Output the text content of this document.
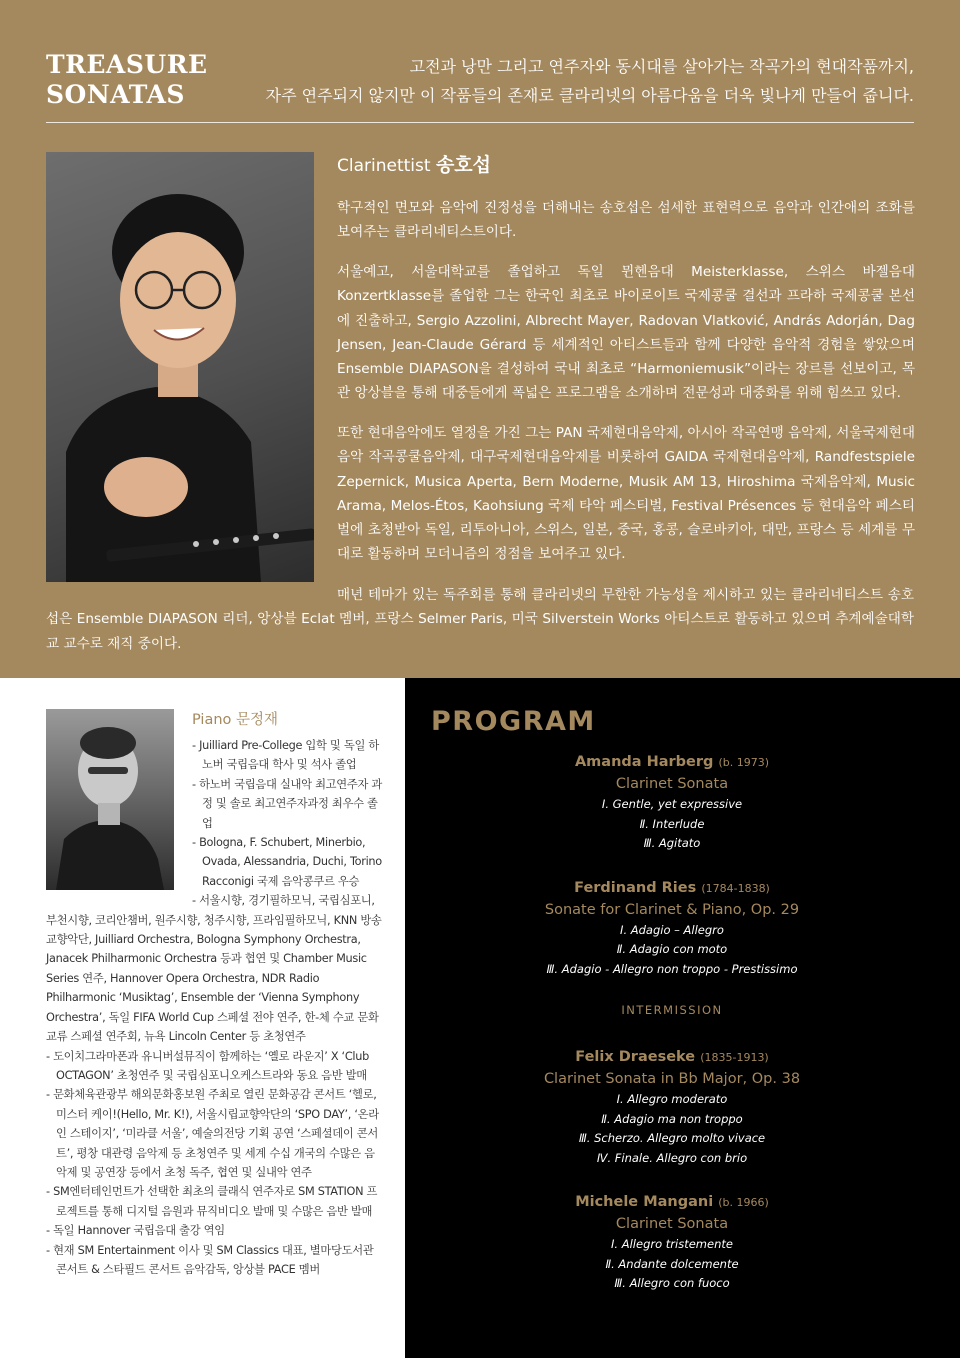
TREASURE
SONATAS
고전과 낭만 그리고 연주자와 동시대를 살아가는 작곡가의 현대작품까지,
자주 연주되지 않지만 이 작품들의 존재로 클라리넷의 아름다움을 더욱 빛나게 만들어 줍니다.
Clarinettist 송호섭

학구적인 면모와 음악에 진정성을 더해내는 송호섭은 섬세한 표현력으로 음악과 인간애의 조화를 보여주는 클라리네티스트이다.

서울예고, 서울대학교를 졸업하고 독일 뮌헨음대 Meisterklasse, 스위스 바젤음대 Konzertklasse를 졸업한 그는 한국인 최초로 바이로이트 국제콩쿨 결선과 프라하 국제콩쿨 본선에 진출하고, Sergio Azzolini, Albrecht Mayer, Radovan Vlatković, András Adorján, Dag Jensen, Jean-Claude Gérard 등 세계적인 아티스트들과 함께 다양한 음악적 경험을 쌓았으며 Ensemble DIAPASON을 결성하여 국내 최초로 “Harmoniemusik”이라는 장르를 선보이고, 목관 앙상블을 통해 대중들에게 폭넓은 프로그램을 소개하며 전문성과 대중화를 위해 힘쓰고 있다.

또한 현대음악에도 열정을 가진 그는 PAN 국제현대음악제, 아시아 작곡연맹 음악제, 서울국제현대음악 작곡콩쿨음악제, 대구국제현대음악제를 비롯하여 GAIDA 국제현대음악제, Randfestspiele Zepernick, Musica Aperta, Bern Moderne, Musik AM 13, Hiroshima 국제음악제, Music Arama, Melos-Étos, Kaohsiung 국제 타악 페스티벌, Festival Présences 등 현대음악 페스티벌에 초청받아 독일, 리투아니아, 스위스, 일본, 중국, 홍콩, 슬로바키아, 대만, 프랑스 등 세계를 무대로 활동하며 모더니즘의 정점을 보여주고 있다.

매년 테마가 있는 독주회를 통해 클라리넷의 무한한 가능성을 제시하고 있는 클라리네티스트 송호섭은 Ensemble DIAPASON 리더, 앙상블 Eclat 멤버, 프랑스 Selmer Paris, 미국 Silverstein Works 아티스트로 활동하고 있으며 추계예술대학교 교수로 재직 중이다.

Piano 문정재
- Juilliard Pre-College 입학 및 독일 하노버 국립음대 학사 및 석사 졸업
- 하노버 국립음대 실내악 최고연주자 과정 및 솔로 최고연주자과정 최우수 졸업
- Bologna, F. Schubert, Minerbio, Ovada, Alessandria, Duchi, Torino Racconigi 국제 음악콩쿠르 우승
- 서울시향, 경기필하모닉, 국립심포니,
부천시향, 코리안챔버, 원주시향, 청주시향, 프라임필하모닉, KNN 방송교향악단, Juilliard Orchestra, Bologna Symphony Orchestra, Janacek Philharmonic Orchestra 등과 협연 및 Chamber Music Series 연주, Hannover Opera Orchestra, NDR Radio Philharmonic ‘Musiktag’, Ensemble der ‘Vienna Symphony Orchestra’, 독일 FIFA World Cup 스페셜 전야 연주, 한-체 수교 문화교류 스페셜 연주회, 뉴욕 Lincoln Center 등 초청연주
- 도이치그라마폰과 유니버설뮤직이 함께하는 ‘옐로 라운지’ X ‘Club OCTAGON’ 초청연주 및 국립심포니오케스트라와 동요 음반 발매
- 문화체육관광부 해외문화홍보원 주최로 열린 문화공감 콘서트 ‘헬로, 미스터 케이!(Hello, Mr. K!), 서울시립교향악단의 ‘SPO DAY’, ‘온라인 스테이지’, ‘미라클 서울’, 예술의전당 기획 공연 ‘스페셜데이 콘서트’, 평창 대관령 음악제 등 초청연주 및 세계 수십 개국의 수많은 음악제 및 공연장 등에서 초청 독주, 협연 및 실내악 연주
- SM엔터테인먼트가 선택한 최초의 클래식 연주자로 SM STATION 프로젝트를 통해 디지털 음원과 뮤직비디오 발매 및 수많은 음반 발매
- 독일 Hannover 국립음대 출강 역임
- 현재 SM Entertainment 이사 및 SM Classics 대표, 별마당도서관 콘서트 & 스타필드 콘서트 음악감독, 앙상블 PACE 멤버
PROGRAM
Amanda Harberg (b. 1973)
Clarinet Sonata
Ⅰ. Gentle, yet expressive
Ⅱ. Interlude
Ⅲ. Agitato
Ferdinand Ries (1784-1838)
Sonate for Clarinet & Piano, Op. 29
Ⅰ. Adagio – Allegro
Ⅱ. Adagio con moto
Ⅲ. Adagio - Allegro non troppo - Prestissimo
INTERMISSION
Felix Draeseke (1835-1913)
Clarinet Sonata in Bb Major, Op. 38
Ⅰ. Allegro moderato
Ⅱ. Adagio ma non troppo
Ⅲ. Scherzo. Allegro molto vivace
Ⅳ. Finale. Allegro con brio
Michele Mangani (b. 1966)
Clarinet Sonata
Ⅰ. Allegro tristemente
Ⅱ. Andante dolcemente
Ⅲ. Allegro con fuoco
